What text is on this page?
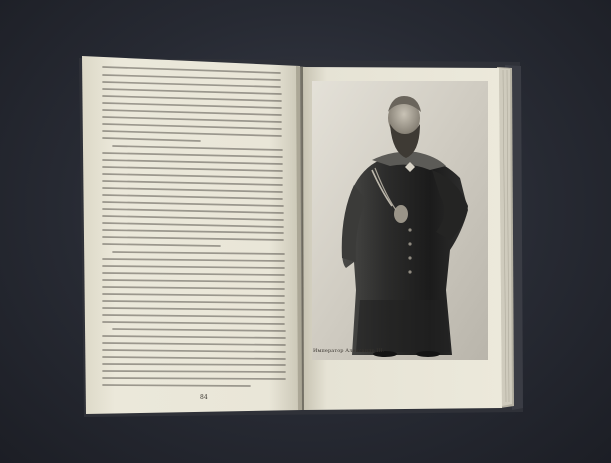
84
Император Александр III.
